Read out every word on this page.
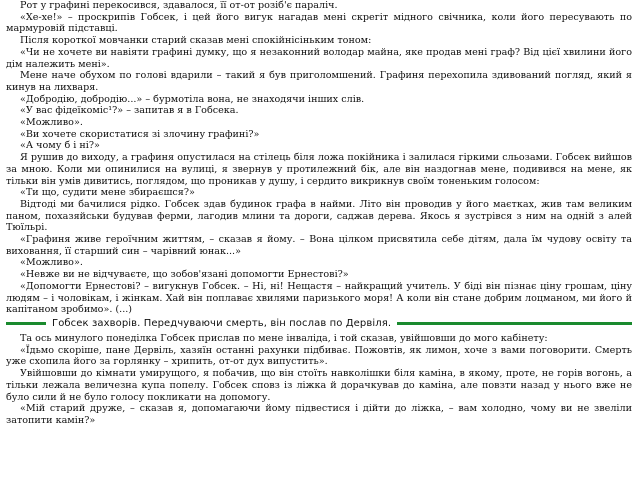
Рот у графині перекосився, здавалося, її от-от розіб'є параліч.

«Хе-хе!» – проскрипів Гобсек, і цей його вигук нагадав мені скрегіт мідного свічника, коли його пересувають по мармуровій підставці.

Після короткої мовчанки старий сказав мені спокійнісіньким тоном:

«Чи не хочете ви навіяти графині думку, що я незаконний володар майна, яке продав мені граф? Від цієї хвилини його дім належить мені».

Мене наче обухом по голові вдарили – такий я був приголомшений. Графиня перехопила здивований погляд, який я кинув на лихваря.

«Добродію, добродію...» – бурмотіла вона, не знаходячи інших слів.

«У вас фідеїкоміс¹?» – запитав я в Гобсека.

«Можливо».

«Ви хочете скористатися зі злочину графині?»

«А чому б і ні?»

Я рушив до виходу, а графиня опустилася на стілець біля ложа покійника і залилася гіркими сльозами. Гобсек вийшов за мною. Коли ми опинилися на вулиці, я звернув у протилежний бік, але він наздогнав мене, подивився на мене, як тільки він умів дивитись, поглядом, що проникав у душу, і сердито викрикнув своїм тоненьким голосом:

«Ти що, судити мене збираєшся?»

Відтоді ми бачилися рідко. Гобсек здав будинок графа в найми. Літо він проводив у його маєтках, жив там великим паном, похазяйськи будував ферми, лагодив млини та дороги, саджав дерева. Якось я зустрівся з ним на одній з алей Тюїльрі.

«Графиня живе героїчним життям, – сказав я йому. – Вона цілком присвятила себе дітям, дала їм чудову освіту та виховання, її старший син – чарівний юнак...»

«Можливо».

«Невже ви не відчуваєте, що зобов'язані допомогти Ернестові?»

«Допомогти Ернестові? – вигукнув Гобсек. – Ні, ні! Нещастя – найкращий учитель. У біді він пізнає ціну грошам, ціну людям – і чоловікам, і жінкам. Хай він поплаває хвилями паризького моря! А коли він стане добрим лоцманом, ми його й капітаном зробимо». (...)

Гобсек захворів. Передчуваючи смерть, він послав по Дервіля.

Та ось минулого понеділка Гобсек прислав по мене інваліда, і той сказав, увійшовши до мого кабінету:

«Їдьмо скоріше, пане Дервіль, хазяїн останні рахунки підбиває. Пожовтів, як лимон, хоче з вами поговорити. Смерть уже схопила його за горлянку – хрипить, от-от дух випустить».

Увійшовши до кімнати умирущого, я побачив, що він стоїть навколішки біля каміна, в якому, проте, не горів вогонь, а тільки лежала величезна купа попелу. Гобсек сповз із ліжка й дорачкував до каміна, але повзти назад у нього вже не було сили й не було голосу покликати на допомогу.

«Мій старий друже, – сказав я, допомагаючи йому підвестися і дійти до ліжка, – вам холодно, чому ви не звеліли затопити камін?»
